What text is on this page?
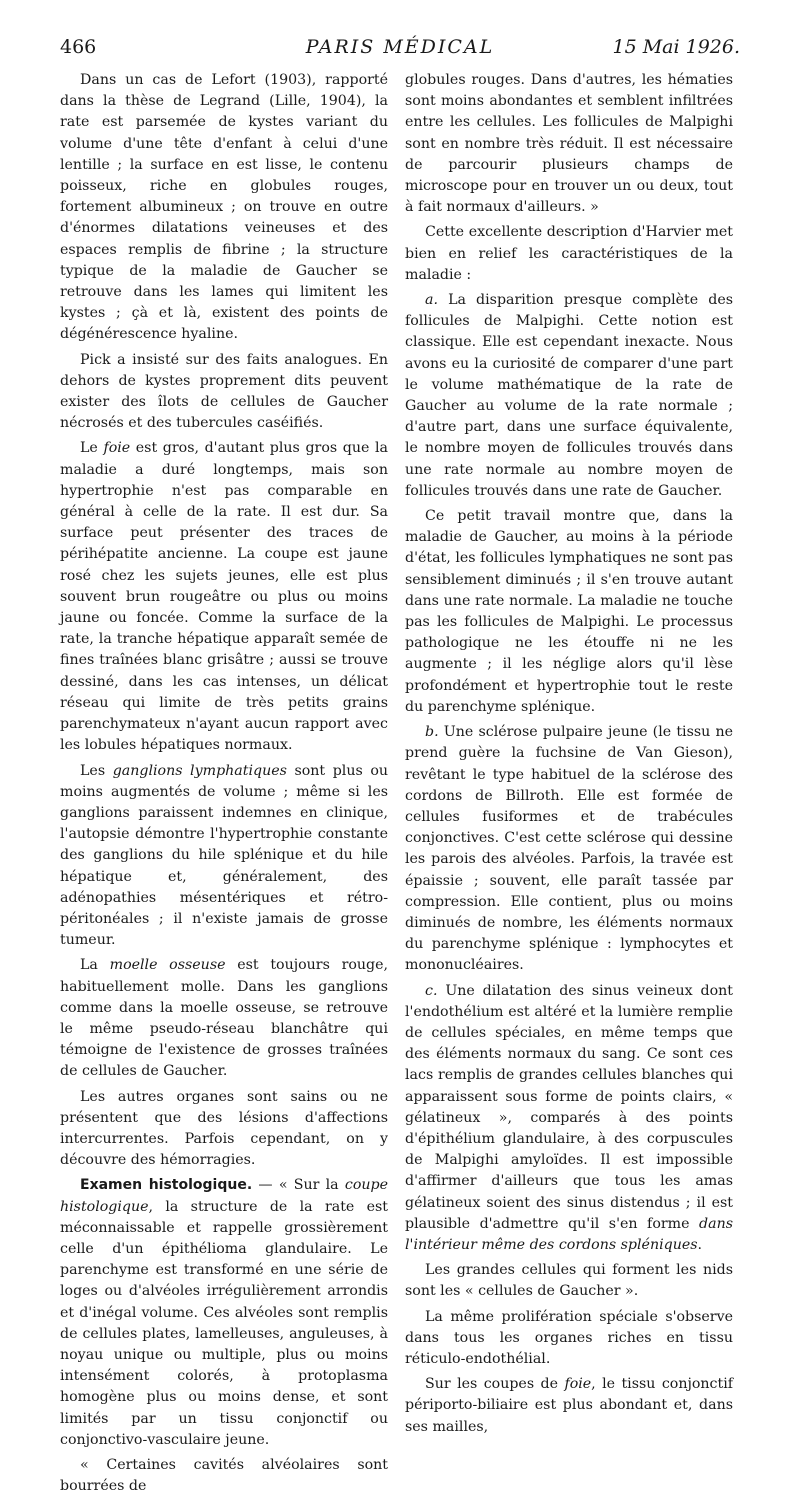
466	PARIS MÉDICAL	15 Mai 1926.

Dans un cas de Lefort (1903), rapporté dans la thèse de Legrand (Lille, 1904), la rate est parsemée de kystes variant du volume d'une tête d'enfant à celui d'une lentille ; la surface en est lisse, le contenu poisseux, riche en globules rouges, fortement albumineux ; on trouve en outre d'énormes dilatations veineuses et des espaces remplis de fibrine ; la structure typique de la maladie de Gaucher se retrouve dans les lames qui limitent les kystes ; çà et là, existent des points de dégénérescence hyaline.

Pick a insisté sur des faits analogues. En dehors de kystes proprement dits peuvent exister des îlots de cellules de Gaucher nécrosés et des tubercules caséifiés.

Le foie est gros, d'autant plus gros que la maladie a duré longtemps, mais son hypertrophie n'est pas comparable en général à celle de la rate. Il est dur. Sa surface peut présenter des traces de périhépatite ancienne. La coupe est jaune rosé chez les sujets jeunes, elle est plus souvent brun rougeâtre ou plus ou moins jaune ou foncée. Comme la surface de la rate, la tranche hépatique apparaît semée de fines traînées blanc grisâtre ; aussi se trouve dessiné, dans les cas intenses, un délicat réseau qui limite de très petits grains parenchymateux n'ayant aucun rapport avec les lobules hépatiques normaux.

Les ganglions lymphatiques sont plus ou moins augmentés de volume ; même si les ganglions paraissent indemnes en clinique, l'autopsie démontre l'hypertrophie constante des ganglions du hile splénique et du hile hépatique et, généralement, des adénopathies mésentériques et rétro-péritonéales ; il n'existe jamais de grosse tumeur.

La moelle osseuse est toujours rouge, habituellement molle. Dans les ganglions comme dans la moelle osseuse, se retrouve le même pseudo-réseau blanchâtre qui témoigne de l'existence de grosses traînées de cellules de Gaucher.

Les autres organes sont sains ou ne présentent que des lésions d'affections intercurrentes. Parfois cependant, on y découvre des hémorragies.

Examen histologique. — « Sur la coupe histologique, la structure de la rate est méconnaissable et rappelle grossièrement celle d'un épithélioma glandulaire. Le parenchyme est transformé en une série de loges ou d'alvéoles irrégulièrement arrondis et d'inégal volume. Ces alvéoles sont remplis de cellules plates, lamelleuses, anguleuses, à noyau unique ou multiple, plus ou moins intensément colorés, à protoplasma homogène plus ou moins dense, et sont limités par un tissu conjonctif ou conjonctivo-vasculaire jeune.

« Certaines cavités alvéolaires sont bourrées de

globules rouges. Dans d'autres, les hématies sont moins abondantes et semblent infiltrées entre les cellules. Les follicules de Malpighi sont en nombre très réduit. Il est nécessaire de parcourir plusieurs champs de microscope pour en trouver un ou deux, tout à fait normaux d'ailleurs. »

Cette excellente description d'Harvier met bien en relief les caractéristiques de la maladie :

a. La disparition presque complète des follicules de Malpighi. Cette notion est classique. Elle est cependant inexacte. Nous avons eu la curiosité de comparer d'une part le volume mathématique de la rate de Gaucher au volume de la rate normale ; d'autre part, dans une surface équivalente, le nombre moyen de follicules trouvés dans une rate normale au nombre moyen de follicules trouvés dans une rate de Gaucher.

Ce petit travail montre que, dans la maladie de Gaucher, au moins à la période d'état, les follicules lymphatiques ne sont pas sensiblement diminués ; il s'en trouve autant dans une rate normale. La maladie ne touche pas les follicules de Malpighi. Le processus pathologique ne les étouffe ni ne les augmente ; il les néglige alors qu'il lèse profondément et hypertrophie tout le reste du parenchyme splénique.

b. Une sclérose pulpaire jeune (le tissu ne prend guère la fuchsine de Van Gieson), revêtant le type habituel de la sclérose des cordons de Billroth. Elle est formée de cellules fusiformes et de trabécules conjonctives. C'est cette sclérose qui dessine les parois des alvéoles. Parfois, la travée est épaissie ; souvent, elle paraît tassée par compression. Elle contient, plus ou moins diminués de nombre, les éléments normaux du parenchyme splénique : lymphocytes et mononucléaires.

c. Une dilatation des sinus veineux dont l'endothélium est altéré et la lumière remplie de cellules spéciales, en même temps que des éléments normaux du sang. Ce sont ces lacs remplis de grandes cellules blanches qui apparaissent sous forme de points clairs, « gélatineux », comparés à des points d'épithélium glandulaire, à des corpuscules de Malpighi amyloïdes. Il est impossible d'affirmer d'ailleurs que tous les amas gélatineux soient des sinus distendus ; il est plausible d'admettre qu'il s'en forme dans l'intérieur même des cordons spléniques.

Les grandes cellules qui forment les nids sont les « cellules de Gaucher ».

La même prolifération spéciale s'observe dans tous les organes riches en tissu réticulo-endothélial.

Sur les coupes de foie, le tissu conjonctif périporto-biliaire est plus abondant et, dans ses mailles,
